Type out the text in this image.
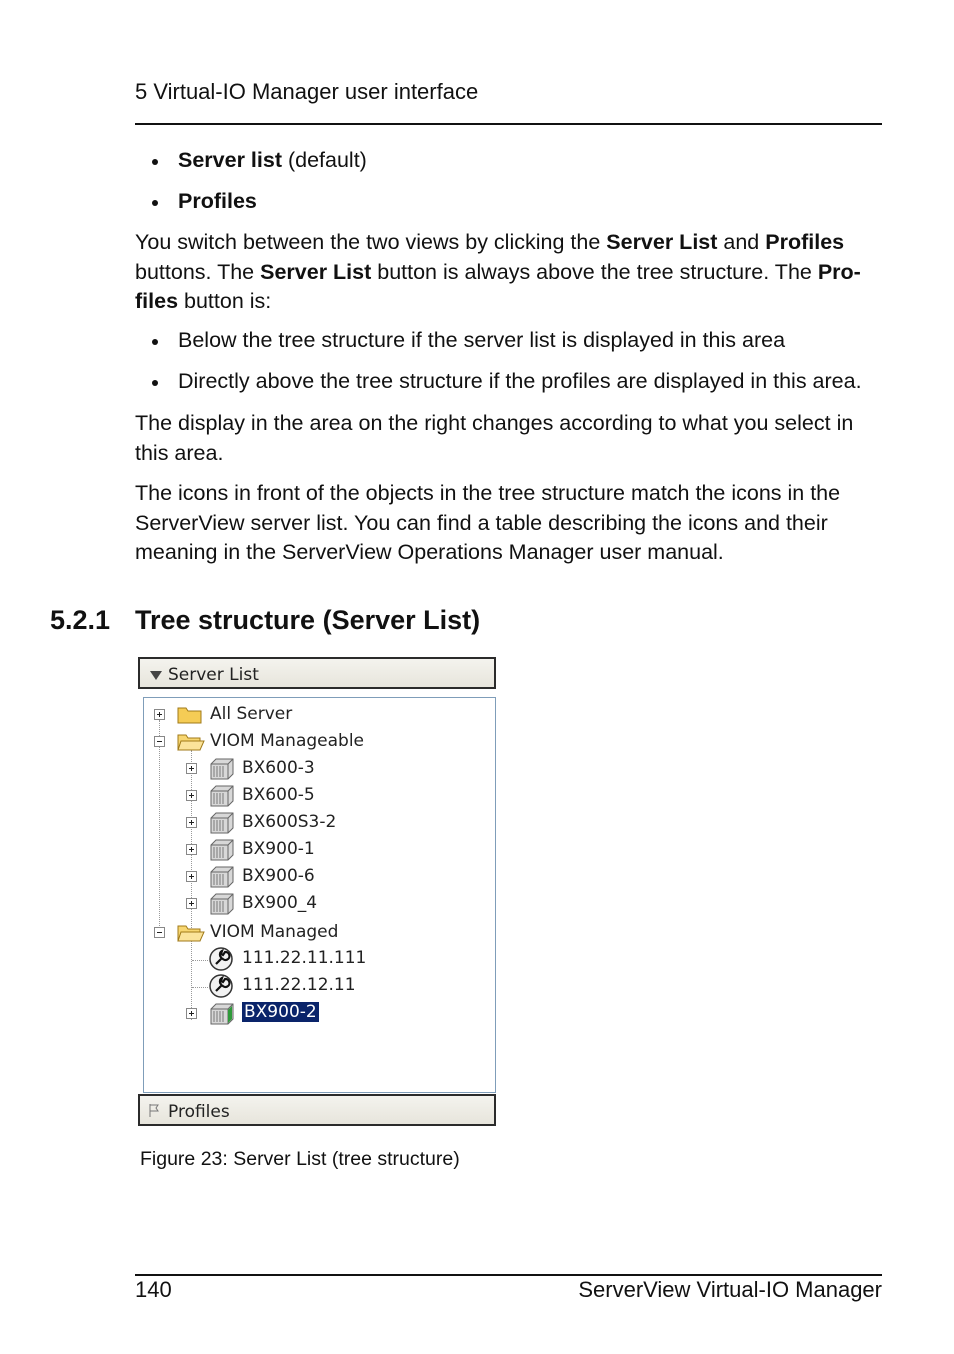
5 Virtual-IO Manager user interface
Server list (default)
Profiles
You switch between the two views by clicking the Server List and Profiles
buttons. The Server List button is always above the tree structure. The Pro-
files button is:
Below the tree structure if the server list is displayed in this area
Directly above the tree structure if the profiles are displayed in this area.
The display in the area on the right changes according to what you select in
this area.
The icons in front of the objects in the tree structure match the icons in the
ServerView server list. You can find a table describing the icons and their
meaning in the ServerView Operations Manager user manual.
5.2.1 Tree structure (Server List)
Server List
All Server
VIOM Manageable
BX600-3
BX600-5
BX600S3-2
BX900-1
BX900-6
BX900_4
VIOM Managed
111.22.11.111
111.22.12.11
BX900-2
Profiles
Figure 23: Server List (tree structure)
140	ServerView Virtual-IO Manager
